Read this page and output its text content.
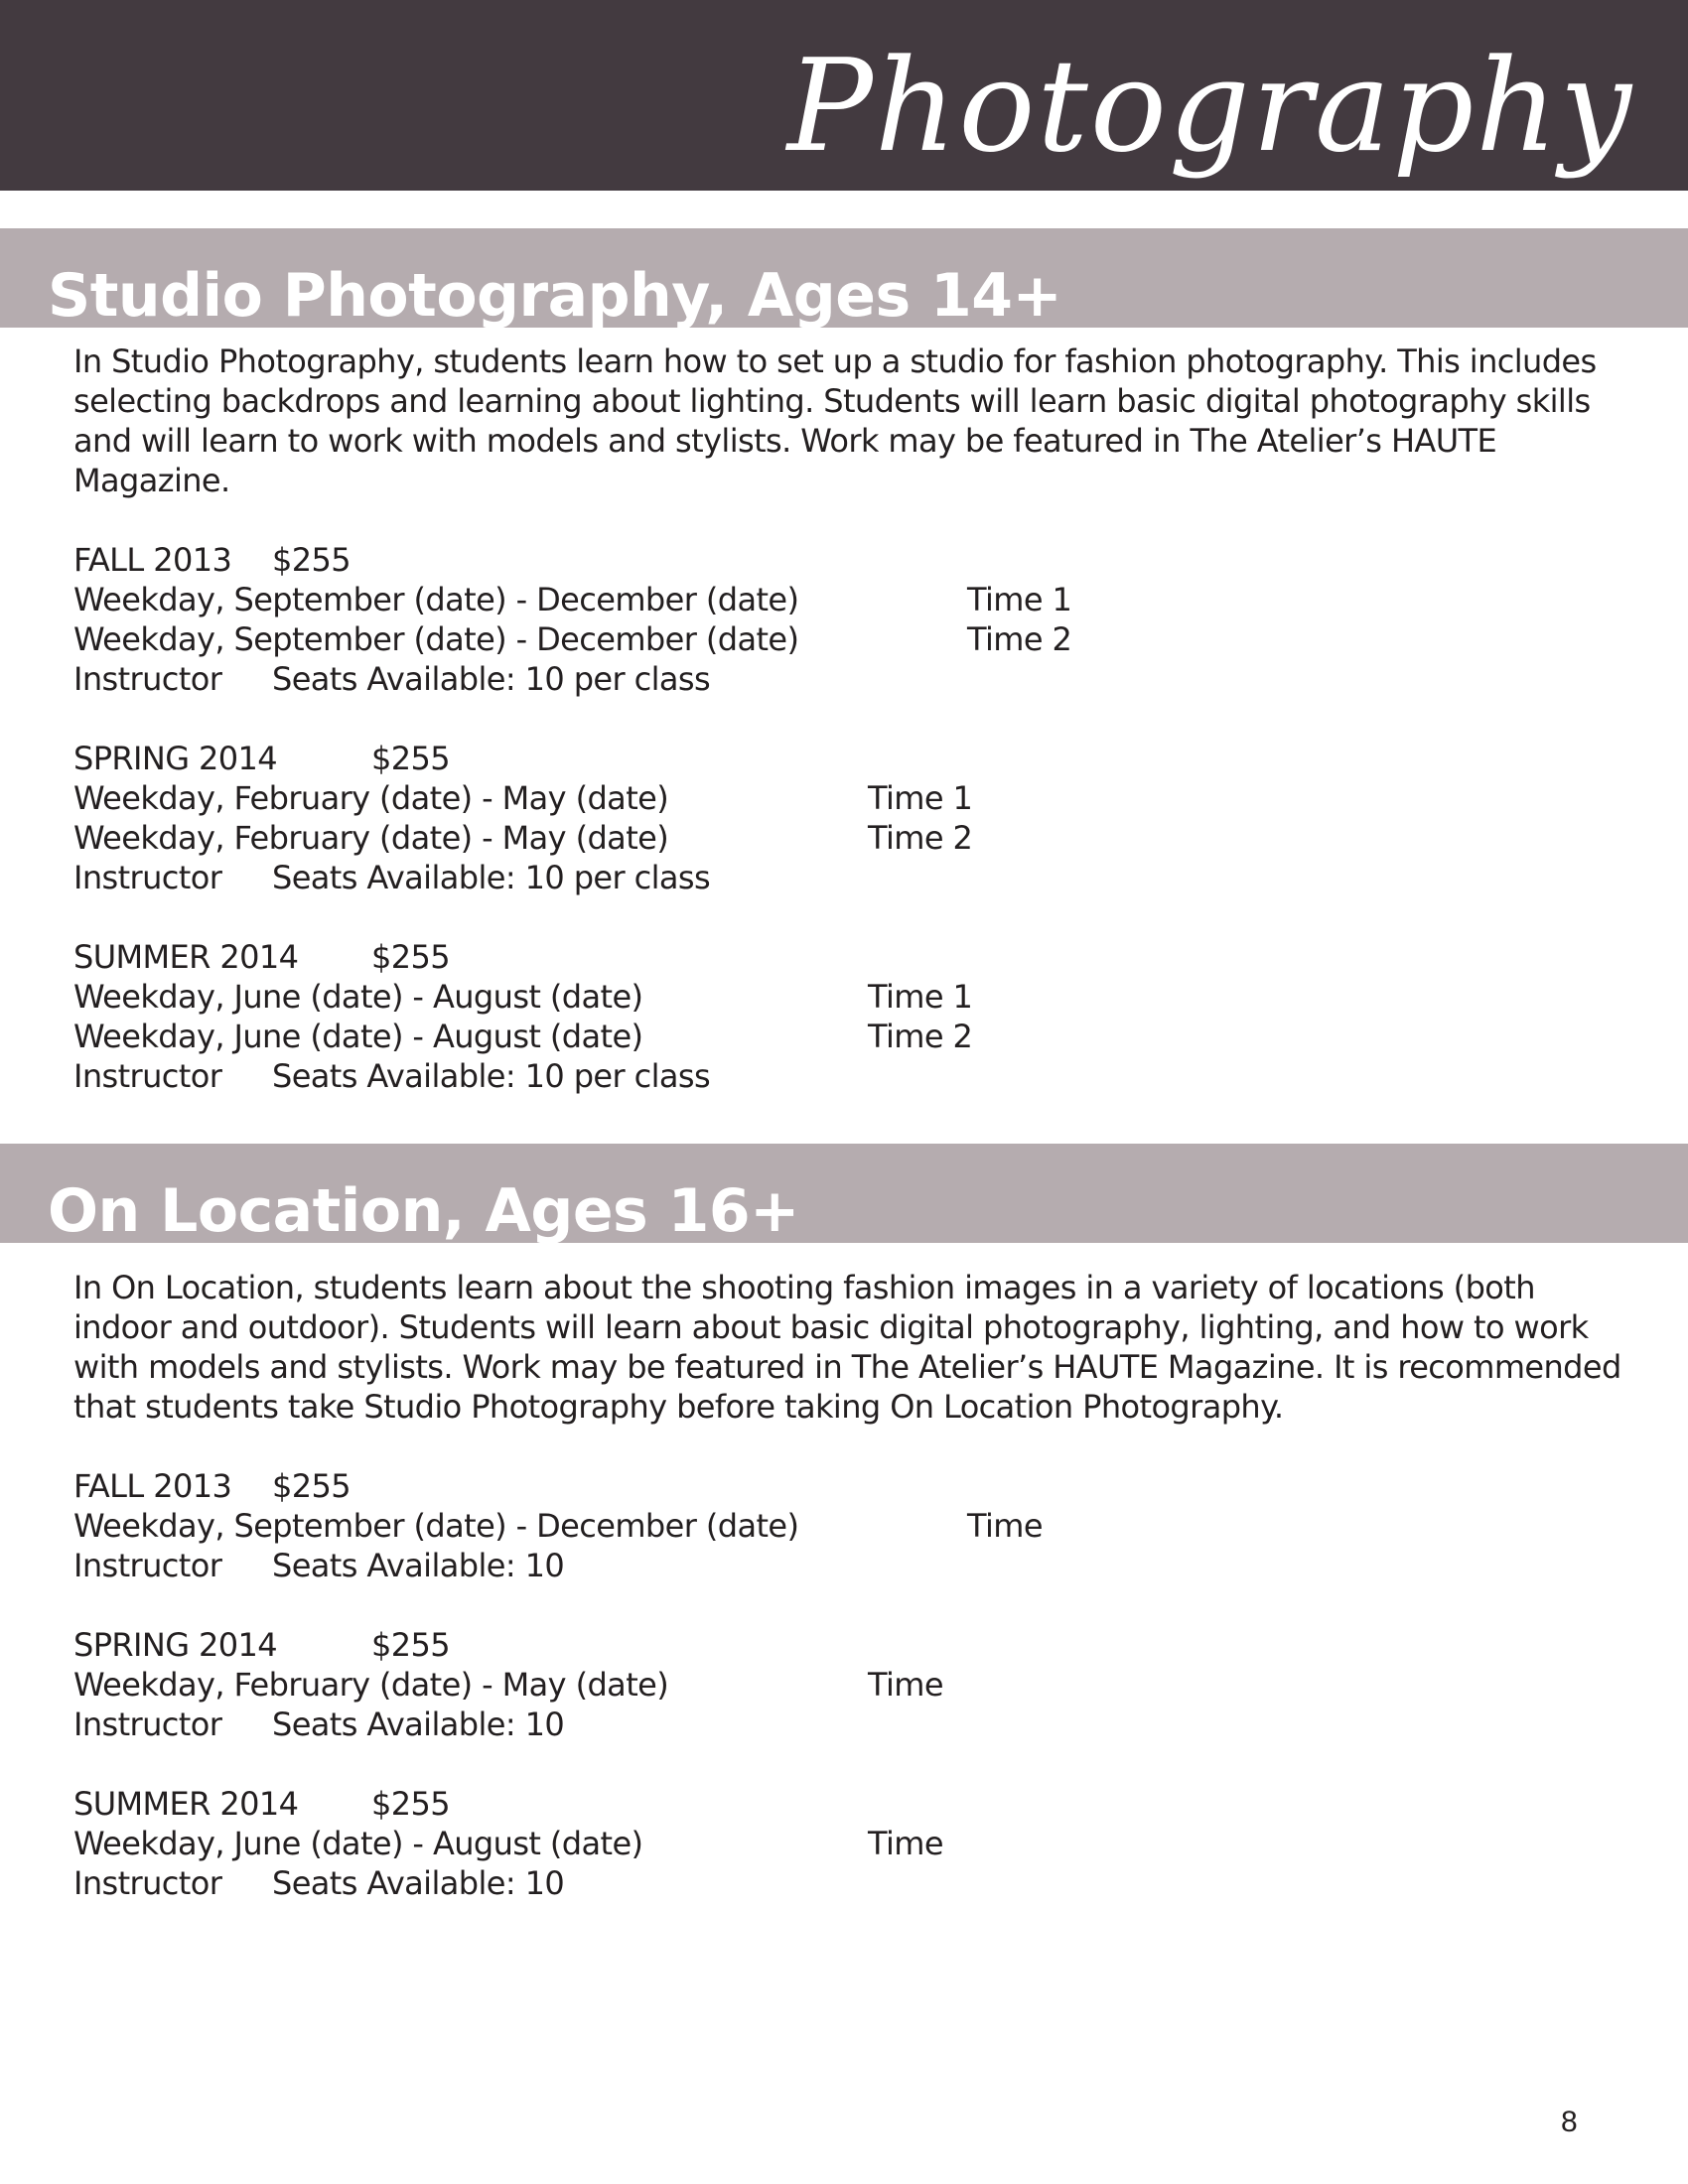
Photography
Studio Photography, Ages 14+

In Studio Photography, students learn how to set up a studio for fashion photography. This includes selecting backdrops and learning about lighting. Students will learn basic digital photography skills and will learn to work with models and stylists. Work may be featured in The Atelier’s HAUTE Magazine.

FALL 2013 $255
Weekday, September (date) - December (date)	Time 1
Weekday, September (date) - December (date)	Time 2
Instructor Seats Available: 10 per class
SPRING 2014	$255
Weekday, February (date) - May (date)	Time 1
Weekday, February (date) - May (date)	Time 2
Instructor Seats Available: 10 per class
SUMMER 2014 $255
Weekday, June (date) - August (date)	Time 1
Weekday, June (date) - August (date)	Time 2
Instructor Seats Available: 10 per class
On Location, Ages 16+

In On Location, students learn about the shooting fashion images in a variety of locations (both indoor and outdoor). Students will learn about basic digital photography, lighting, and how to work with models and stylists. Work may be featured in The Atelier’s HAUTE Magazine. It is recommended that students take Studio Photography before taking On Location Photography.

FALL 2013 $255
Weekday, September (date) - December (date)	Time
Instructor Seats Available: 10
SPRING 2014	$255
Weekday, February (date) - May (date)	Time
Instructor Seats Available: 10
SUMMER 2014 $255
Weekday, June (date) - August (date)	Time
Instructor Seats Available: 10
8
